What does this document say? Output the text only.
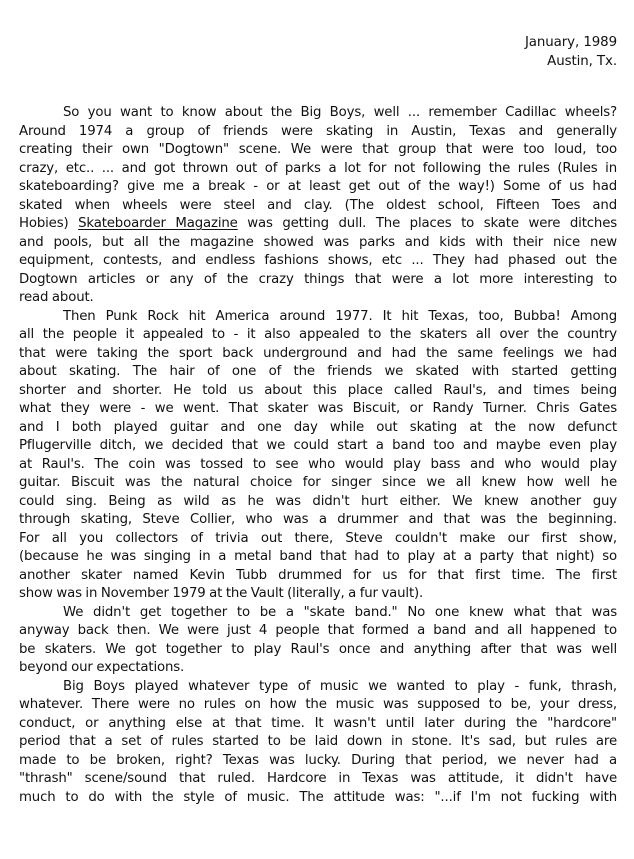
January, 1989
Austin, Tx.
So you want to know about the Big Boys, well ... remember Cadillac wheels?
Around 1974 a group of friends were skating in Austin, Texas and generally
creating their own "Dogtown" scene. We were that group that were too loud, too
crazy, etc.. ... and got thrown out of parks a lot for not following the rules (Rules in
skateboarding? give me a break - or at least get out of the way!) Some of us had
skated when wheels were steel and clay. (The oldest school, Fifteen Toes and
Hobies) Skateboarder Magazine was getting dull. The places to skate were ditches
and pools, but all the magazine showed was parks and kids with their nice new
equipment, contests, and endless fashions shows, etc ... They had phased out the
Dogtown articles or any of the crazy things that were a lot more interesting to
read about.
Then Punk Rock hit America around 1977. It hit Texas, too, Bubba! Among
all the people it appealed to - it also appealed to the skaters all over the country
that were taking the sport back underground and had the same feelings we had
about skating. The hair of one of the friends we skated with started getting
shorter and shorter. He told us about this place called Raul's, and times being
what they were - we went. That skater was Biscuit, or Randy Turner. Chris Gates
and I both played guitar and one day while out skating at the now defunct
Pflugerville ditch, we decided that we could start a band too and maybe even play
at Raul's. The coin was tossed to see who would play bass and who would play
guitar. Biscuit was the natural choice for singer since we all knew how well he
could sing. Being as wild as he was didn't hurt either. We knew another guy
through skating, Steve Collier, who was a drummer and that was the beginning.
For all you collectors of trivia out there, Steve couldn't make our first show,
(because he was singing in a metal band that had to play at a party that night) so
another skater named Kevin Tubb drummed for us for that first time. The first
show was in November 1979 at the Vault (literally, a fur vault).
We didn't get together to be a "skate band." No one knew what that was
anyway back then. We were just 4 people that formed a band and all happened to
be skaters. We got together to play Raul's once and anything after that was well
beyond our expectations.
Big Boys played whatever type of music we wanted to play - funk, thrash,
whatever. There were no rules on how the music was supposed to be, your dress,
conduct, or anything else at that time. It wasn't until later during the "hardcore"
period that a set of rules started to be laid down in stone. It's sad, but rules are
made to be broken, right? Texas was lucky. During that period, we never had a
"thrash" scene/sound that ruled. Hardcore in Texas was attitude, it didn't have
much to do with the style of music. The attitude was: "...if I'm not fucking with
